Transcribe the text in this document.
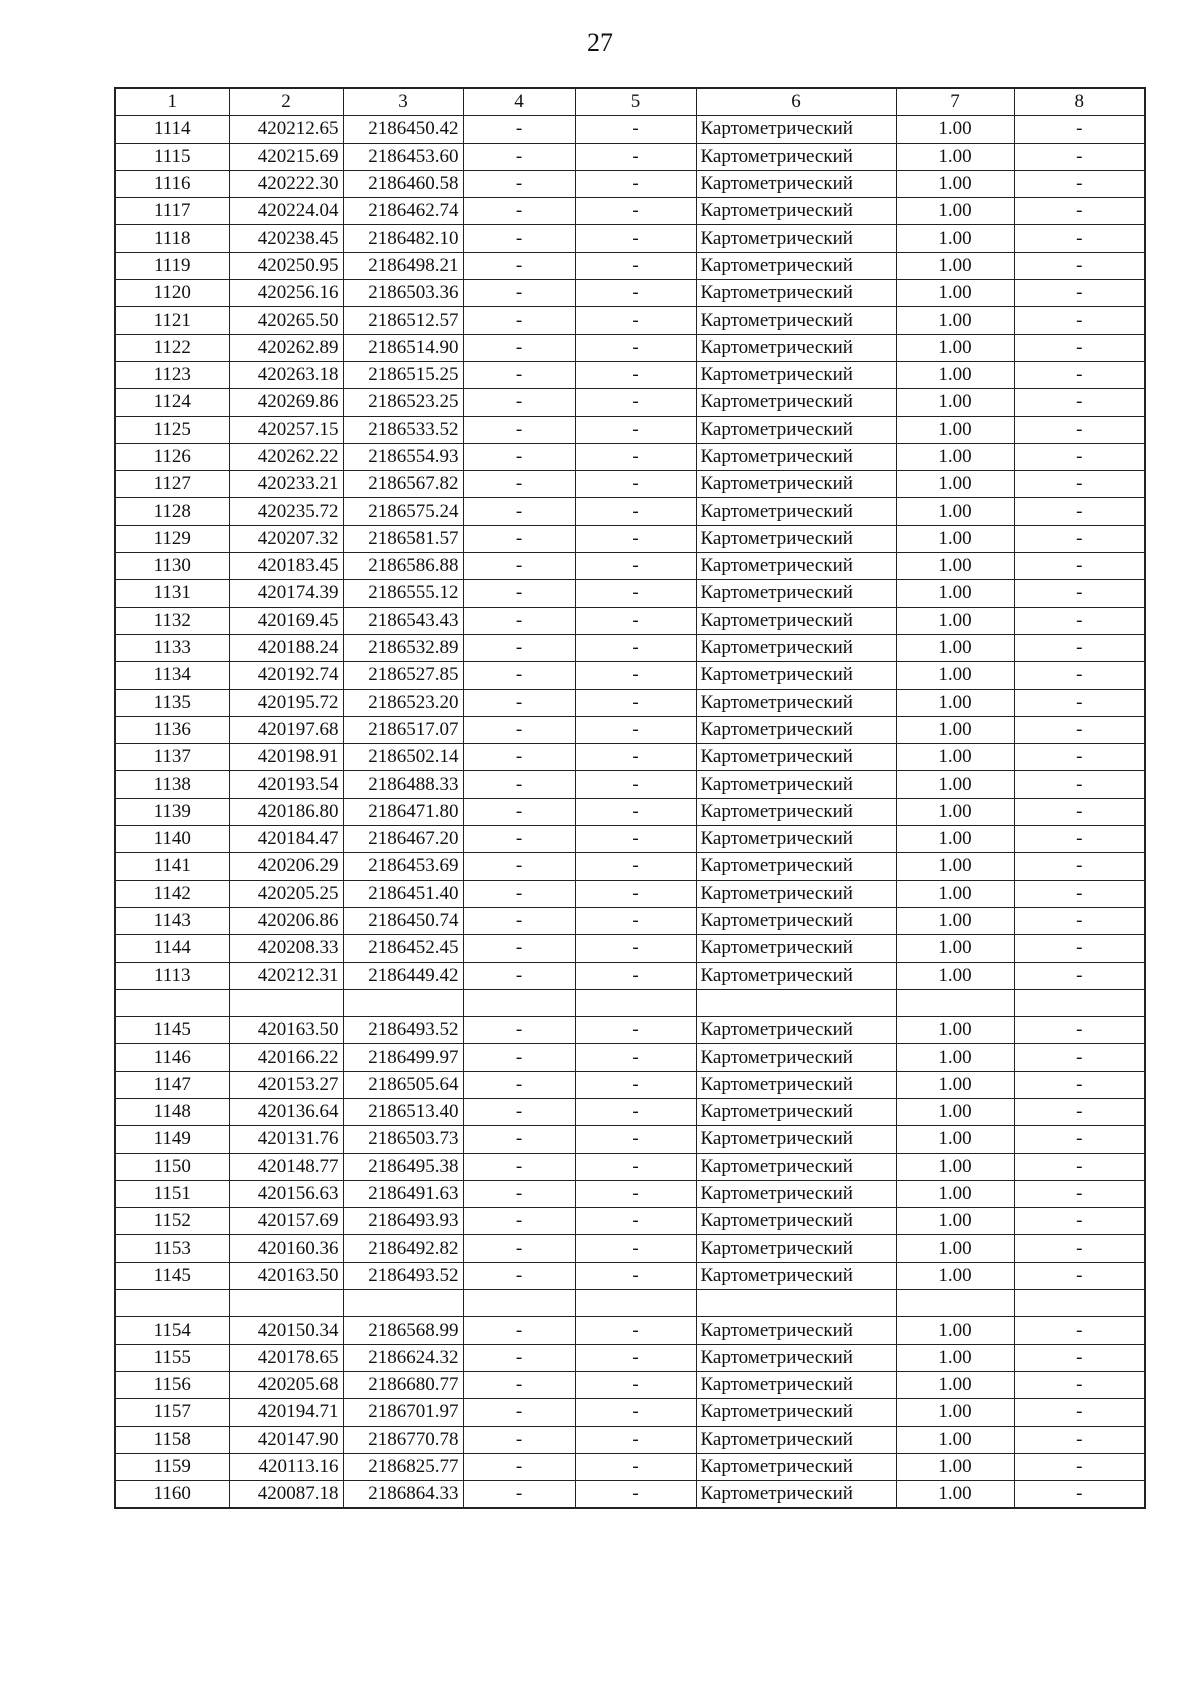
27
1	2	3	4	5	6	7	8
1114	420212.65	2186450.42	-	-	Картометрический	1.00	-
1115	420215.69	2186453.60	-	-	Картометрический	1.00	-
1116	420222.30	2186460.58	-	-	Картометрический	1.00	-
1117	420224.04	2186462.74	-	-	Картометрический	1.00	-
1118	420238.45	2186482.10	-	-	Картометрический	1.00	-
1119	420250.95	2186498.21	-	-	Картометрический	1.00	-
1120	420256.16	2186503.36	-	-	Картометрический	1.00	-
1121	420265.50	2186512.57	-	-	Картометрический	1.00	-
1122	420262.89	2186514.90	-	-	Картометрический	1.00	-
1123	420263.18	2186515.25	-	-	Картометрический	1.00	-
1124	420269.86	2186523.25	-	-	Картометрический	1.00	-
1125	420257.15	2186533.52	-	-	Картометрический	1.00	-
1126	420262.22	2186554.93	-	-	Картометрический	1.00	-
1127	420233.21	2186567.82	-	-	Картометрический	1.00	-
1128	420235.72	2186575.24	-	-	Картометрический	1.00	-
1129	420207.32	2186581.57	-	-	Картометрический	1.00	-
1130	420183.45	2186586.88	-	-	Картометрический	1.00	-
1131	420174.39	2186555.12	-	-	Картометрический	1.00	-
1132	420169.45	2186543.43	-	-	Картометрический	1.00	-
1133	420188.24	2186532.89	-	-	Картометрический	1.00	-
1134	420192.74	2186527.85	-	-	Картометрический	1.00	-
1135	420195.72	2186523.20	-	-	Картометрический	1.00	-
1136	420197.68	2186517.07	-	-	Картометрический	1.00	-
1137	420198.91	2186502.14	-	-	Картометрический	1.00	-
1138	420193.54	2186488.33	-	-	Картометрический	1.00	-
1139	420186.80	2186471.80	-	-	Картометрический	1.00	-
1140	420184.47	2186467.20	-	-	Картометрический	1.00	-
1141	420206.29	2186453.69	-	-	Картометрический	1.00	-
1142	420205.25	2186451.40	-	-	Картометрический	1.00	-
1143	420206.86	2186450.74	-	-	Картометрический	1.00	-
1144	420208.33	2186452.45	-	-	Картометрический	1.00	-
1113	420212.31	2186449.42	-	-	Картометрический	1.00	-

1145	420163.50	2186493.52	-	-	Картометрический	1.00	-
1146	420166.22	2186499.97	-	-	Картометрический	1.00	-
1147	420153.27	2186505.64	-	-	Картометрический	1.00	-
1148	420136.64	2186513.40	-	-	Картометрический	1.00	-
1149	420131.76	2186503.73	-	-	Картометрический	1.00	-
1150	420148.77	2186495.38	-	-	Картометрический	1.00	-
1151	420156.63	2186491.63	-	-	Картометрический	1.00	-
1152	420157.69	2186493.93	-	-	Картометрический	1.00	-
1153	420160.36	2186492.82	-	-	Картометрический	1.00	-
1145	420163.50	2186493.52	-	-	Картометрический	1.00	-

1154	420150.34	2186568.99	-	-	Картометрический	1.00	-
1155	420178.65	2186624.32	-	-	Картометрический	1.00	-
1156	420205.68	2186680.77	-	-	Картометрический	1.00	-
1157	420194.71	2186701.97	-	-	Картометрический	1.00	-
1158	420147.90	2186770.78	-	-	Картометрический	1.00	-
1159	420113.16	2186825.77	-	-	Картометрический	1.00	-
1160	420087.18	2186864.33	-	-	Картометрический	1.00	-
